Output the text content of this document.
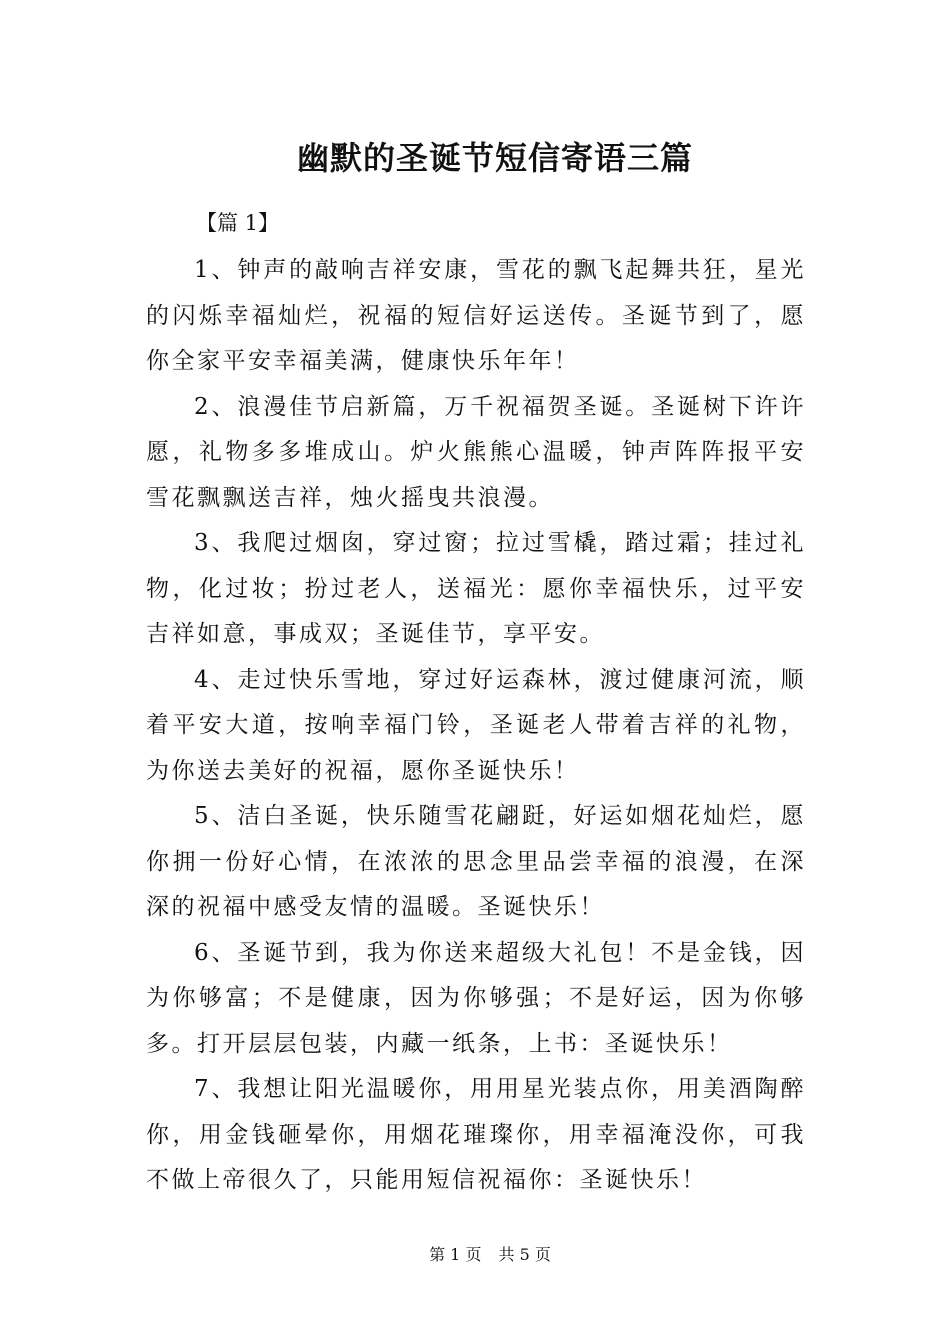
幽默的圣诞节短信寄语三篇
【篇 1】

1、钟声的敲响吉祥安康，雪花的飘飞起舞共狂，星光的闪烁幸福灿烂，祝福的短信好运送传。圣诞节到了，愿你全家平安幸福美满，健康快乐年年！

2、浪漫佳节启新篇，万千祝福贺圣诞。圣诞树下许许愿，礼物多多堆成山。炉火熊熊心温暖，钟声阵阵报平安雪花飘飘送吉祥，烛火摇曳共浪漫。

3、我爬过烟囱，穿过窗；拉过雪橇，踏过霜；挂过礼物，化过妆；扮过老人，送福光：愿你幸福快乐，过平安吉祥如意，事成双；圣诞佳节，享平安。

4、走过快乐雪地，穿过好运森林，渡过健康河流，顺着平安大道，按响幸福门铃，圣诞老人带着吉祥的礼物，为你送去美好的祝福，愿你圣诞快乐！

5、洁白圣诞，快乐随雪花翩跹，好运如烟花灿烂，愿你拥一份好心情，在浓浓的思念里品尝幸福的浪漫，在深深的祝福中感受友情的温暖。圣诞快乐！

6、圣诞节到，我为你送来超级大礼包！不是金钱，因为你够富；不是健康，因为你够强；不是好运，因为你够多。打开层层包装，内藏一纸条，上书：圣诞快乐！

7、我想让阳光温暖你，用用星光装点你，用美酒陶醉你，用金钱砸晕你，用烟花璀璨你，用幸福淹没你，可我不做上帝很久了，只能用短信祝福你：圣诞快乐！

第 1 页 共 5 页
